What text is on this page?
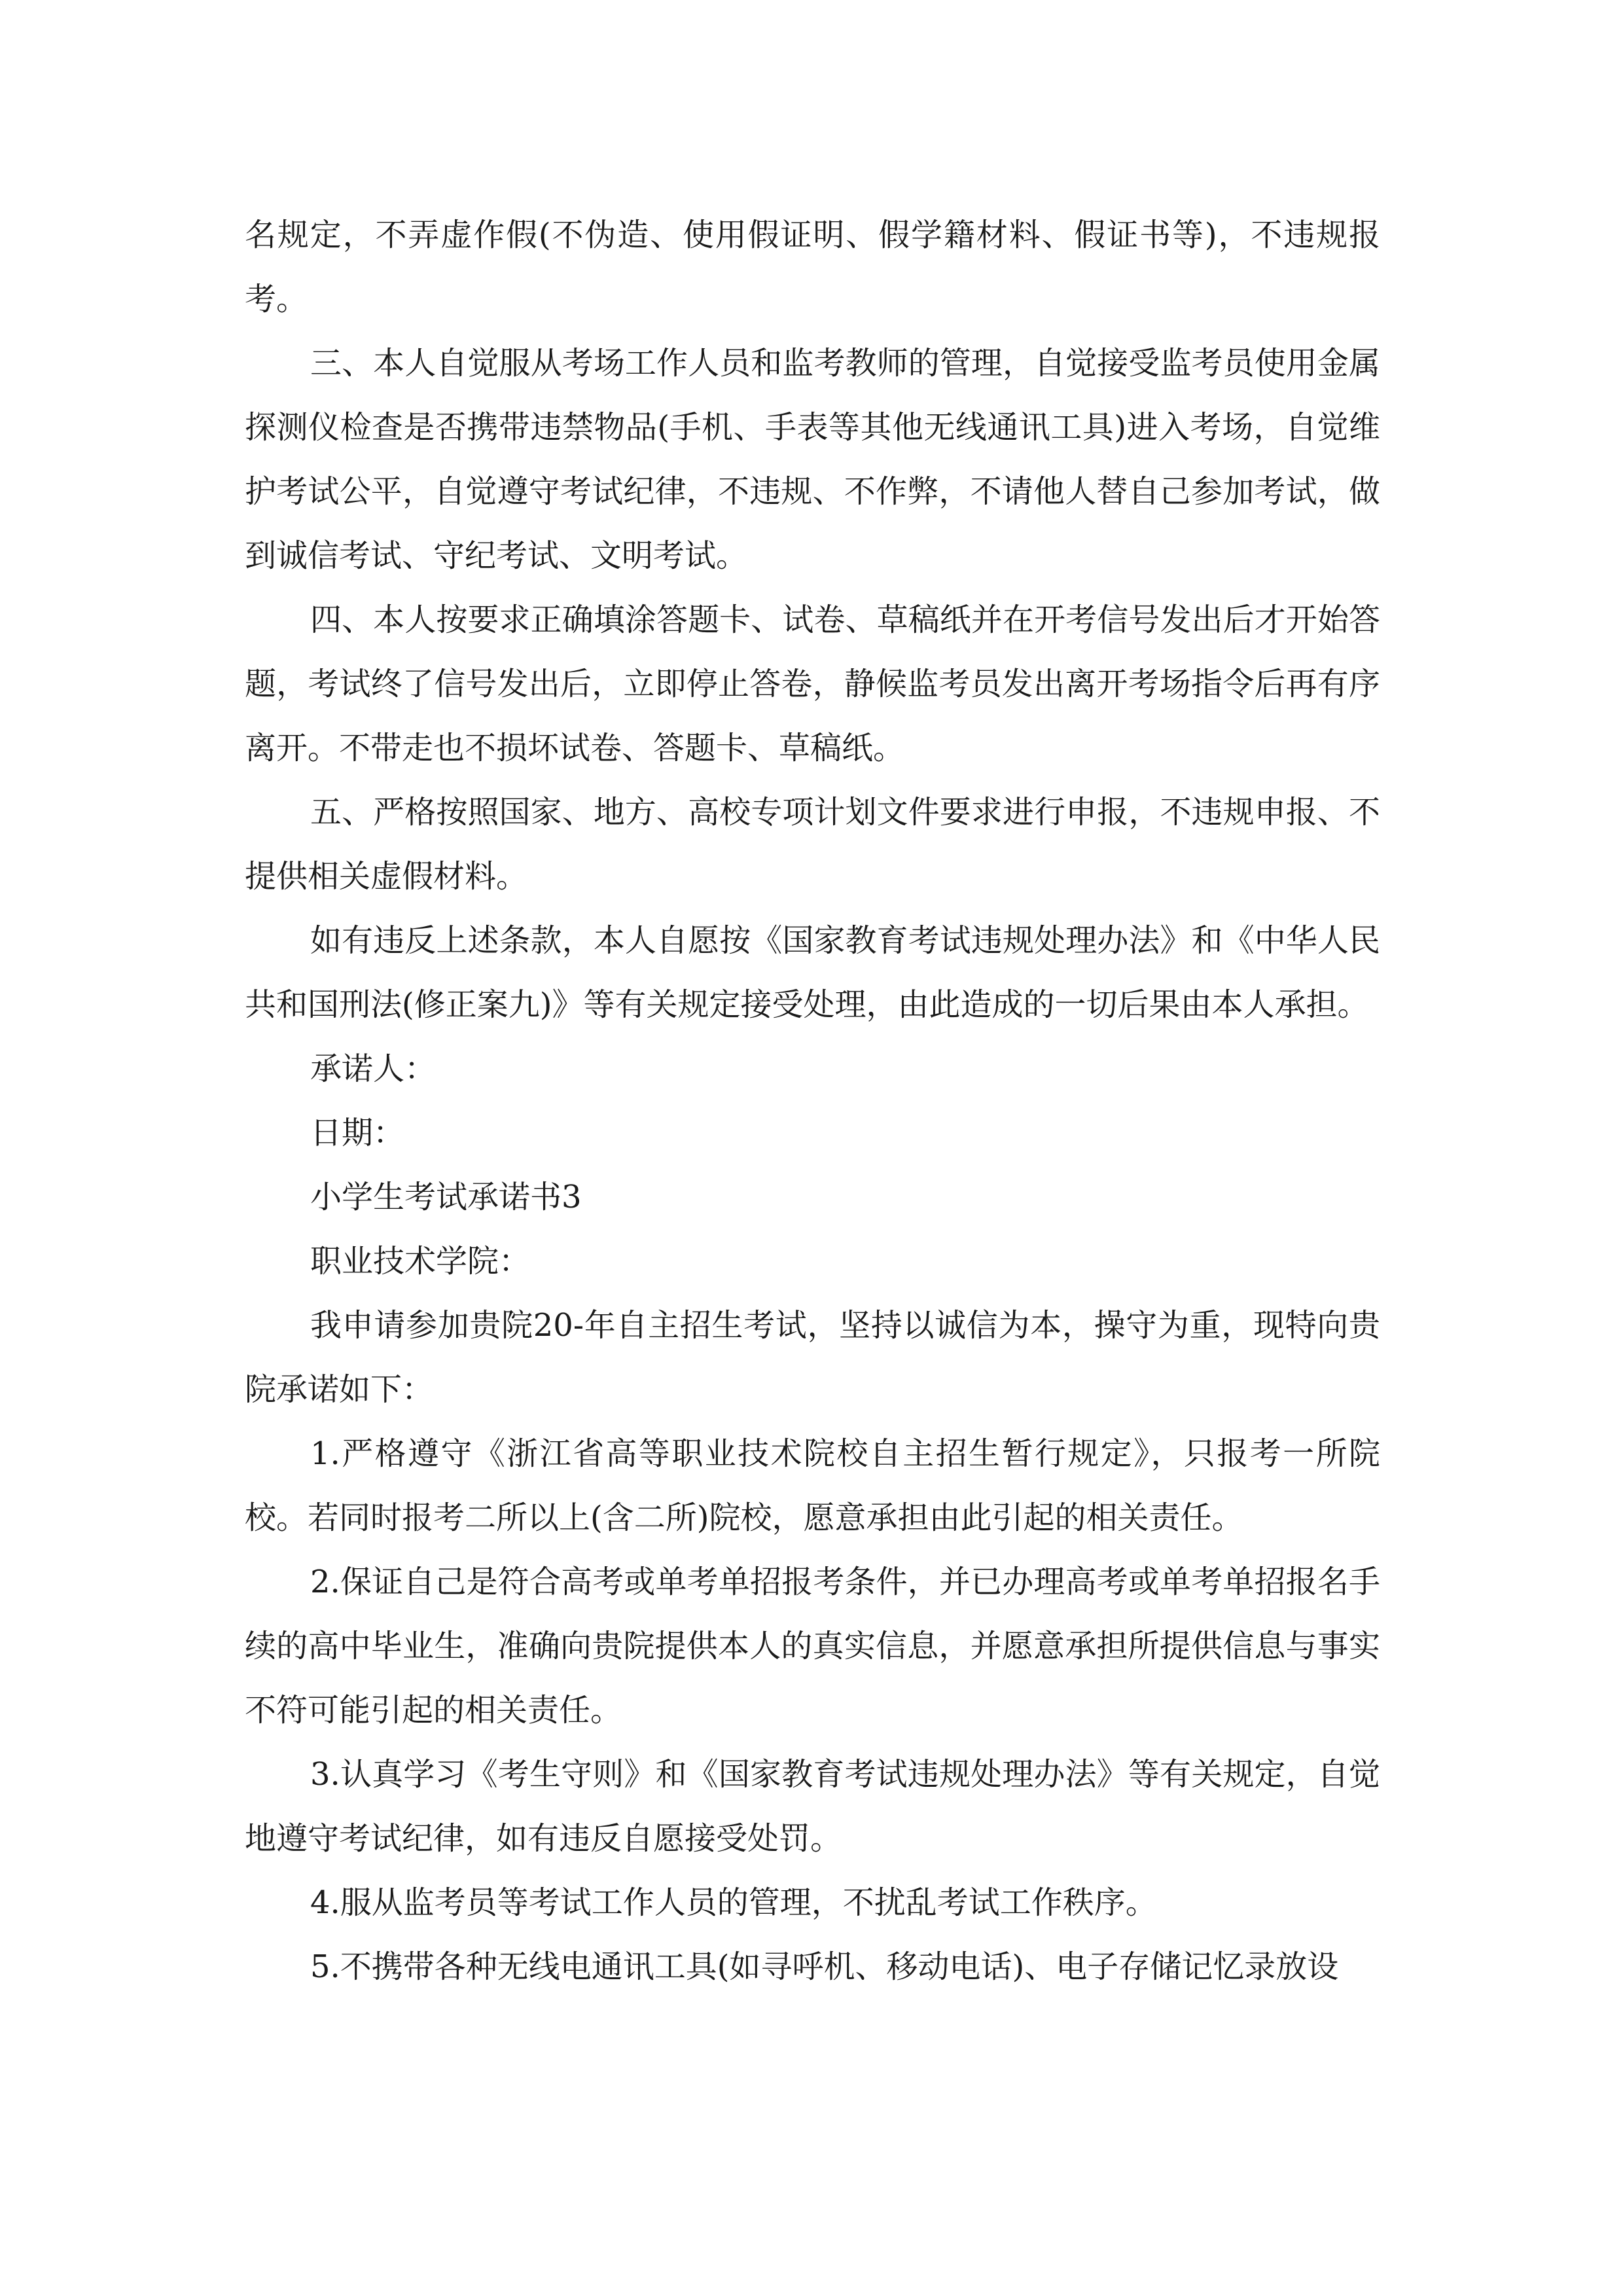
名规定，不弄虚作假(不伪造、使用假证明、假学籍材料、假证书等)，不违规报考。

三、本人自觉服从考场工作人员和监考教师的管理，自觉接受监考员使用金属探测仪检查是否携带违禁物品(手机、手表等其他无线通讯工具)进入考场，自觉维护考试公平，自觉遵守考试纪律，不违规、不作弊，不请他人替自己参加考试，做到诚信考试、守纪考试、文明考试。

四、本人按要求正确填涂答题卡、试卷、草稿纸并在开考信号发出后才开始答题，考试终了信号发出后，立即停止答卷，静候监考员发出离开考场指令后再有序离开。不带走也不损坏试卷、答题卡、草稿纸。

五、严格按照国家、地方、高校专项计划文件要求进行申报，不违规申报、不提供相关虚假材料。

如有违反上述条款，本人自愿按《国家教育考试违规处理办法》和《中华人民共和国刑法(修正案九)》等有关规定接受处理，由此造成的一切后果由本人承担。

承诺人：

日期：

小学生考试承诺书3

职业技术学院：

我申请参加贵院20-年自主招生考试，坚持以诚信为本，操守为重，现特向贵院承诺如下：

1.严格遵守《浙江省高等职业技术院校自主招生暂行规定》，只报考一所院校。若同时报考二所以上(含二所)院校，愿意承担由此引起的相关责任。

2.保证自己是符合高考或单考单招报考条件，并已办理高考或单考单招报名手续的高中毕业生，准确向贵院提供本人的真实信息，并愿意承担所提供信息与事实不符可能引起的相关责任。

3.认真学习《考生守则》和《国家教育考试违规处理办法》等有关规定，自觉地遵守考试纪律，如有违反自愿接受处罚。

4.服从监考员等考试工作人员的管理，不扰乱考试工作秩序。

5.不携带各种无线电通讯工具(如寻呼机、移动电话)、电子存储记忆录放设
